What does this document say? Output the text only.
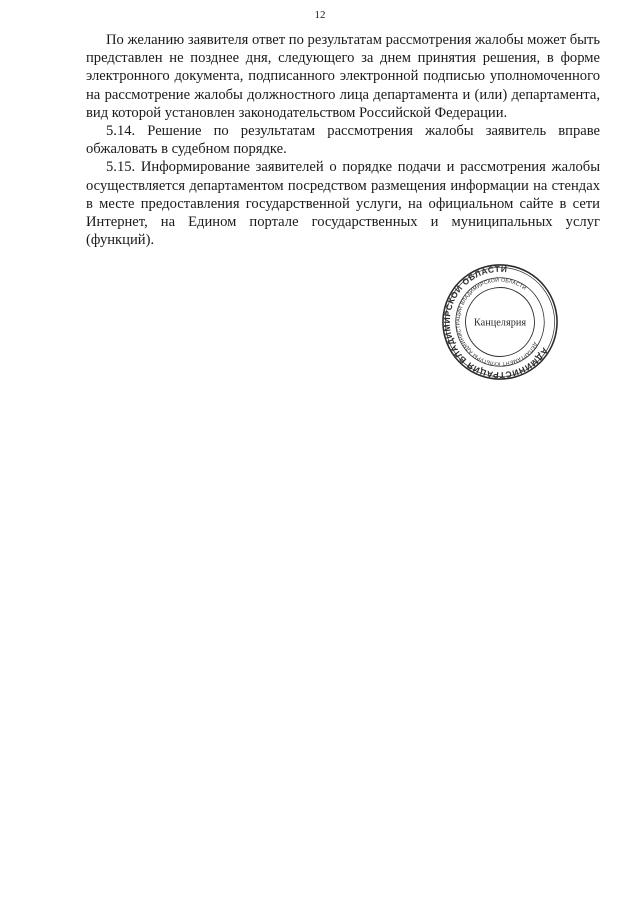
12

По желанию заявителя ответ по результатам рассмотрения жалобы может быть представлен не позднее дня, следующего за днем принятия решения, в форме электронного документа, подписанного электронной подписью уполномоченного на рассмотрение жалобы должностного лица департамента и (или) департамента, вид которой установлен законодательством Российской Федерации.

5.14. Решение по результатам рассмотрения жалобы заявитель вправе обжаловать в судебном порядке.

5.15. Информирование заявителей о порядке подачи и рассмотрения жалобы осуществляется департаментом посредством размещения информации на стендах в месте предоставления государственной услуги, на официальном сайте в сети Интернет, на Едином портале государственных и муниципальных услуг (функций).

АДМИНИСТРАЦИЯ ВЛАДИМИРСКОЙ ОБЛАСТИ
ДЕПАРТАМЕНТ КУЛЬТУРЫ АДМИНИСТРАЦИИ ВЛАДИМИРСКОЙ ОБЛАСТИ
Канцелярия
